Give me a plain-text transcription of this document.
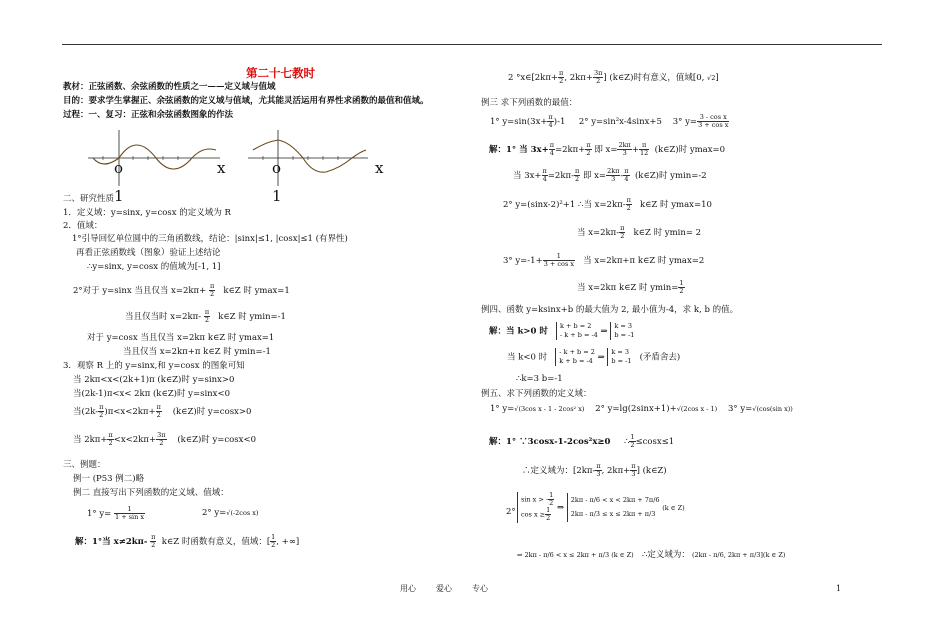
第二十七教时
教材：正弦函数、余弦函数的性质之一——定义域与值域
目的：要求学生掌握正、余弦函数的定义域与值域，尤其能灵活运用有界性求函数的最值和值域。
过程：一、复习：正弦和余弦函数图象的作法
x
o
1
x
o
1
二、研究性质
1．定义域：y=sinx, y=cosx 的定义域为 R
2．值域：
1°引导回忆单位圆中的三角函数线，结论：|sinx|≤1, |cosx|≤1 (有界性)
再看正弦函数线（图象）验证上述结论
∴y=sinx, y=cosx 的值域为[-1, 1]
2°对于 y=sinx 当且仅当 $x=2k\pi+ \frac{\pi}{2}$ k∈Z 时 ymax=1
当且仅当时 $x=2k\pi- \frac{\pi}{2}$ k∈Z 时 ymin=-1
对于 y=cosx 当且仅当 x=2kπ k∈Z 时 ymax=1
当且仅当 x=2kπ+π k∈Z 时 ymin=-1
3．观察 R 上的 y=sinx,和 y=cosx 的图象可知
当 2kπ<x<(2k+1)π (k∈Z)时 y=sinx>0
当(2k-1)π<x< 2kπ (k∈Z)时 y=sinx<0
当$(2k- \frac{\pi}{2} )\pi<x<2k\pi+ \frac{\pi}{2}$ (k∈Z)时 y=cosx>0
当 $2k\pi+ \frac{\pi}{2} <x<2k\pi+ \frac{3\pi}{2}$ (k∈Z)时 y=cosx<0
三、例题：
例一 (P53 例二)略
例二 直接写出下列函数的定义域、值域：
1° $y= \frac{1}{\text{1 + sin x}}$	2° y=√(-2cos x)
解：1°当 $x\ne 2k\pi- \frac{\pi}{2}$ k∈Z 时函数有意义，值域：[ $\frac{1}{2}$ , +∞]
2 °x∈[2kπ+ $\frac{\pi}{2}$ , $2k\pi+ \frac{3\pi}{2}$ ] (k∈Z)时有意义，值域[0, √2]
例三 求下列函数的最值：
1° $y=\sin(3x+ \frac{\pi}{4} )-1$ 2° y=sin²x-4sinx+5 3° $y= \frac{\text{3 - cos x}}{\text{3 + cos x}}$
解：1° 当 $3x+ \frac{\pi}{4} =2k\pi+ \frac{\pi}{2}$ 即 $x= \frac{2k\pi}{3} + \frac{\pi}{12}$ (k∈Z)时 ymax=0
当 $3x+ \frac{\pi}{4} =2k\pi- \frac{\pi}{2}$ 即 $x= \frac{2k\pi}{3} - \frac{\pi}{4}$ (k∈Z)时 ymin=-2
2° y=(sinx-2)²+1 ∴当 $x=2k\pi- \frac{\pi}{2}$ k∈Z 时 ymax=10
当 $x=2k\pi- \frac{\pi}{2}$ k∈Z 时 ymin= 2
3° $y=-1+ \frac{1}{\text{3 + cos x}}$ 当 x=2kπ+π k∈Z 时 ymax=2
当 x=2kπ k∈Z 时 $ymin= \frac{1}{2}$
例四、函数 y=ksinx+b 的最大值为 2, 最小值为-4，求 k, b 的值。
解：当 k>0 时   k + b = 2
- k + b = -4 ⇒ k = 3
b = -1
当 k<0 时   - k + b = 2
k + b = -4 ⇒ k = 3
b = -1 (矛盾舍去)
∴k=3 b=-1
例五、求下列函数的定义域：
1° y=√(3cos x - 1 - 2cos² x) 2° y=lg(2sinx+1)+√(2cos x - 1) 3° y=√(cos(sin x))
解：1° ∵3cosx-1-2cos²x≥0 ∴ $\frac{1}{2} \le\cos x\le 1$
∴定义域为：[$2k\pi- \frac{\pi}{3}$ , $2k\pi+ \frac{\pi}{3}$ ] (k∈Z)
2°
sin x > - $\frac{1}{2}$

$\cos x \ge \frac{1}{2}$ ⇒ 2kπ - π/6 < x < 2kπ + 7π/6
2kπ - π/3 ≤ x ≤ 2kπ + π/3 (k ∈ Z)
⇒ 2kπ - π/6 < x ≤ 2kπ + π/3 (k ∈ Z) ∴定义域为： (2kπ - π/6, 2kπ + π/3](k ∈ Z)
用心	爱心	专心	1
